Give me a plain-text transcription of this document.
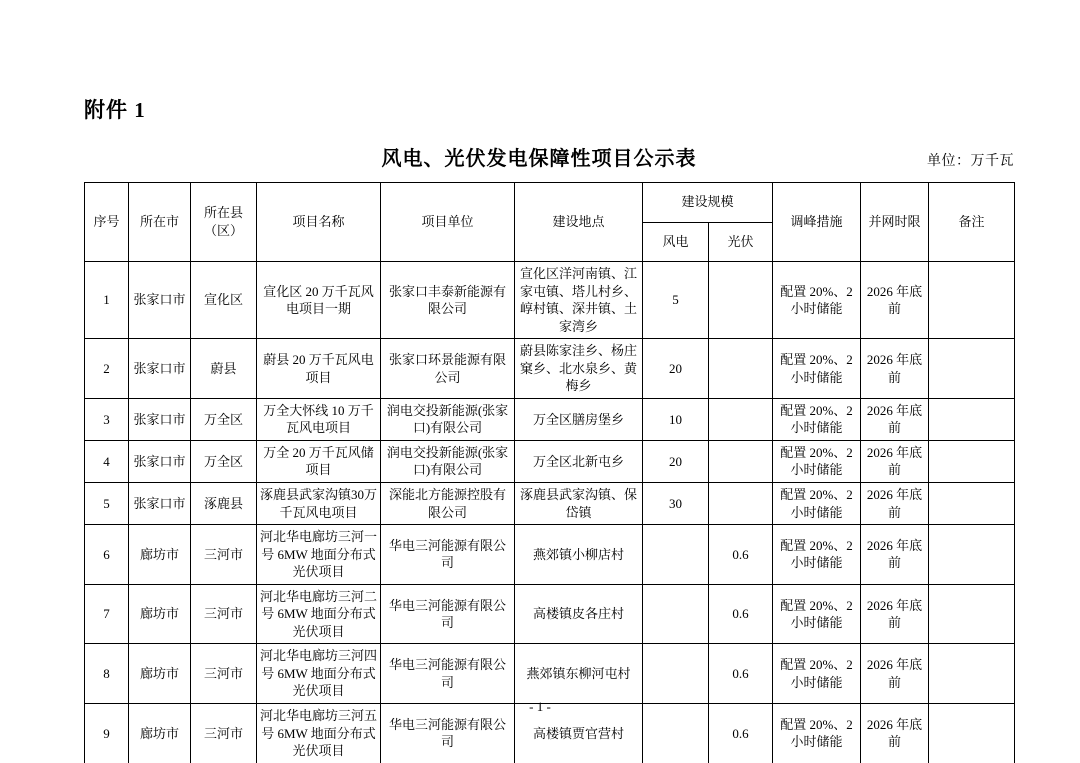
附件 1
风电、光伏发电保障性项目公示表	单位：万千瓦
序号	所在市	所在县（区）	项目名称	项目单位	建设地点	建设规模		调峰措施	并网时限	备注
						风电	光伏			
1	张家口市	宣化区	宣化区 20 万千瓦风电项目一期	张家口丰泰新能源有限公司	宣化区洋河南镇、江家屯镇、塔儿村乡、崞村镇、深井镇、土家湾乡	5		配置 20%、2 小时储能	2026 年底前	
2	张家口市	蔚县	蔚县 20 万千瓦风电项目	张家口环景能源有限公司	蔚县陈家洼乡、杨庄窠乡、北水泉乡、黄梅乡	20		配置 20%、2 小时储能	2026 年底前	
3	张家口市	万全区	万全大怀线 10 万千瓦风电项目	润电交投新能源(张家口)有限公司	万全区膳房堡乡	10		配置 20%、2 小时储能	2026 年底前	
4	张家口市	万全区	万全 20 万千瓦风储项目	润电交投新能源(张家口)有限公司	万全区北新屯乡	20		配置 20%、2 小时储能	2026 年底前	
5	张家口市	涿鹿县	涿鹿县武家沟镇30万千瓦风电项目	深能北方能源控股有限公司	涿鹿县武家沟镇、保岱镇	30		配置 20%、2 小时储能	2026 年底前	
6	廊坊市	三河市	河北华电廊坊三河一号 6MW 地面分布式光伏项目	华电三河能源有限公司	燕郊镇小柳店村		0.6	配置 20%、2 小时储能	2026 年底前	
7	廊坊市	三河市	河北华电廊坊三河二号 6MW 地面分布式光伏项目	华电三河能源有限公司	高楼镇皮各庄村		0.6	配置 20%、2 小时储能	2026 年底前	
8	廊坊市	三河市	河北华电廊坊三河四号 6MW 地面分布式光伏项目	华电三河能源有限公司	燕郊镇东柳河屯村		0.6	配置 20%、2 小时储能	2026 年底前	
9	廊坊市	三河市	河北华电廊坊三河五号 6MW 地面分布式光伏项目	华电三河能源有限公司	高楼镇贾官营村		0.6	配置 20%、2 小时储能	2026 年底前	
- 1 -
